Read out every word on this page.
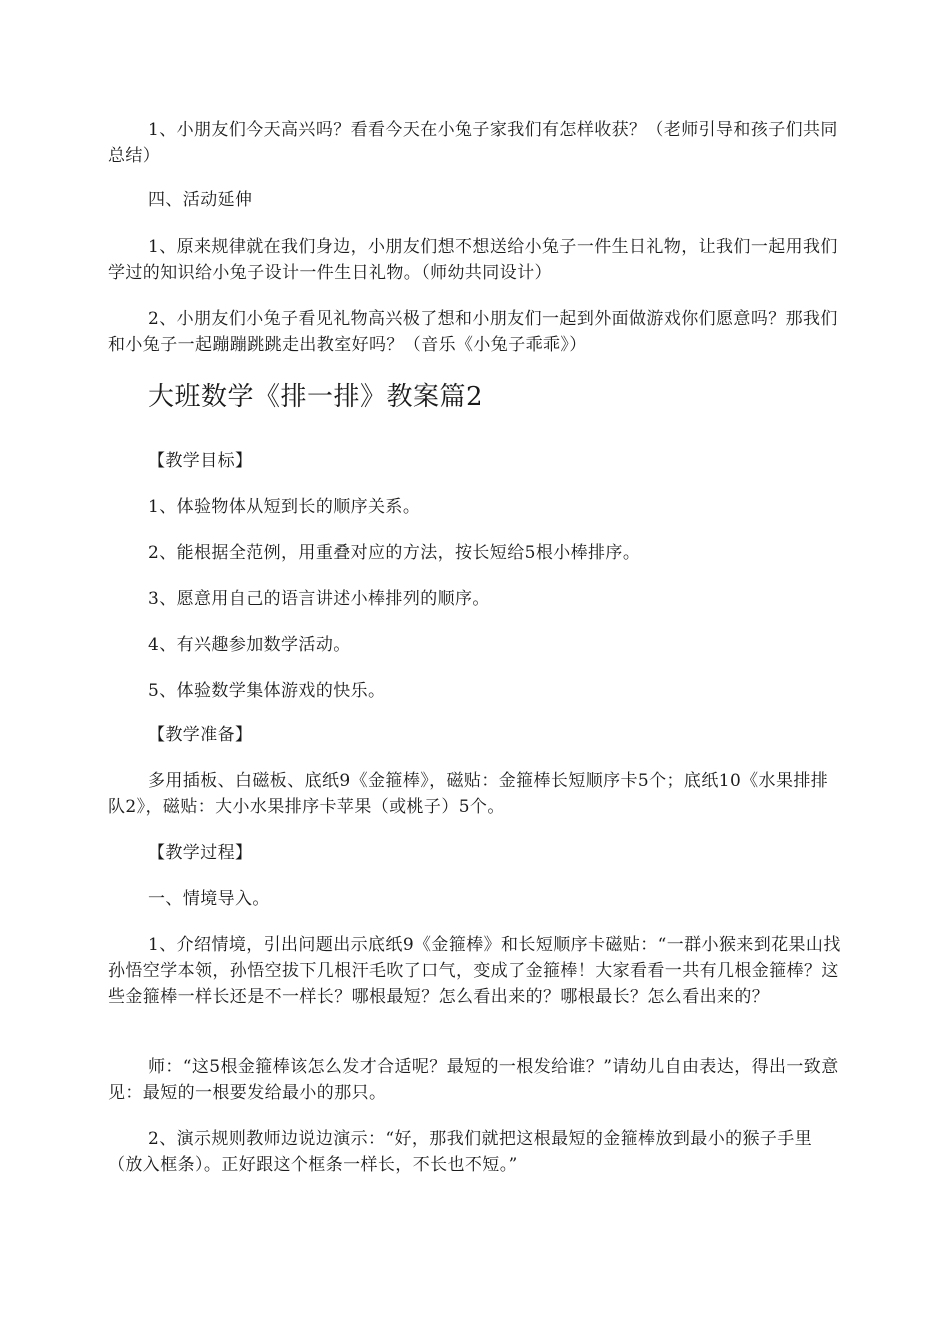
1、小朋友们今天高兴吗？看看今天在小兔子家我们有怎样收获？（老师引导和孩子们共同总结）

四、活动延伸

1、原来规律就在我们身边，小朋友们想不想送给小兔子一件生日礼物，让我们一起用我们学过的知识给小兔子设计一件生日礼物。（师幼共同设计）

2、小朋友们小兔子看见礼物高兴极了想和小朋友们一起到外面做游戏你们愿意吗？那我们和小兔子一起蹦蹦跳跳走出教室好吗？（音乐《小兔子乖乖》）

大班数学《排一排》教案篇2

【教学目标】

1、体验物体从短到长的顺序关系。

2、能根据全范例，用重叠对应的方法，按长短给5根小棒排序。

3、愿意用自己的语言讲述小棒排列的顺序。

4、有兴趣参加数学活动。

5、体验数学集体游戏的快乐。

【教学准备】

多用插板、白磁板、底纸9《金箍棒》，磁贴：金箍棒长短顺序卡5个；底纸10《水果排排队2》，磁贴：大小水果排序卡苹果（或桃子）5个。

【教学过程】

一、情境导入。

1、介绍情境，引出问题出示底纸9《金箍棒》和长短顺序卡磁贴：“一群小猴来到花果山找孙悟空学本领，孙悟空拔下几根汗毛吹了口气，变成了金箍棒！大家看看一共有几根金箍棒？这些金箍棒一样长还是不一样长？哪根最短？怎么看出来的？哪根最长？怎么看出来的？

师：“这5根金箍棒该怎么发才合适呢？最短的一根发给谁？”请幼儿自由表达，得出一致意见：最短的一根要发给最小的那只。

2、演示规则教师边说边演示：“好，那我们就把这根最短的金箍棒放到最小的猴子手里（放入框条）。正好跟这个框条一样长，不长也不短。”
